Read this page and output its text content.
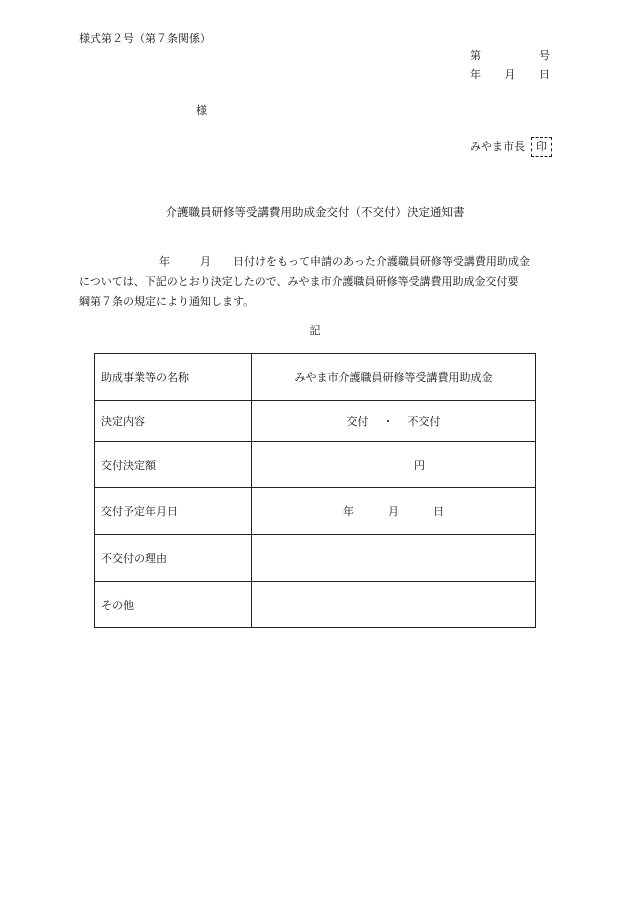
様式第２号（第７条関係）
第	号
年 月 日
様
みやま市長	印
介護職員研修等受講費用助成金交付（不交付）決定通知書
年	月 日付けをもって申請のあった介護職員研修等受講費用助成金
については、下記のとおり決定したので、みやま市介護職員研修等受講費用助成金交付要
綱第７条の規定により通知します。
記
助成事業等の名称	みやま市介護職員研修等受講費用助成金
決定内容	交付 ・ 不交付
交付決定額	円
交付予定年月日	年 月 日
不交付の理由	
その他	
